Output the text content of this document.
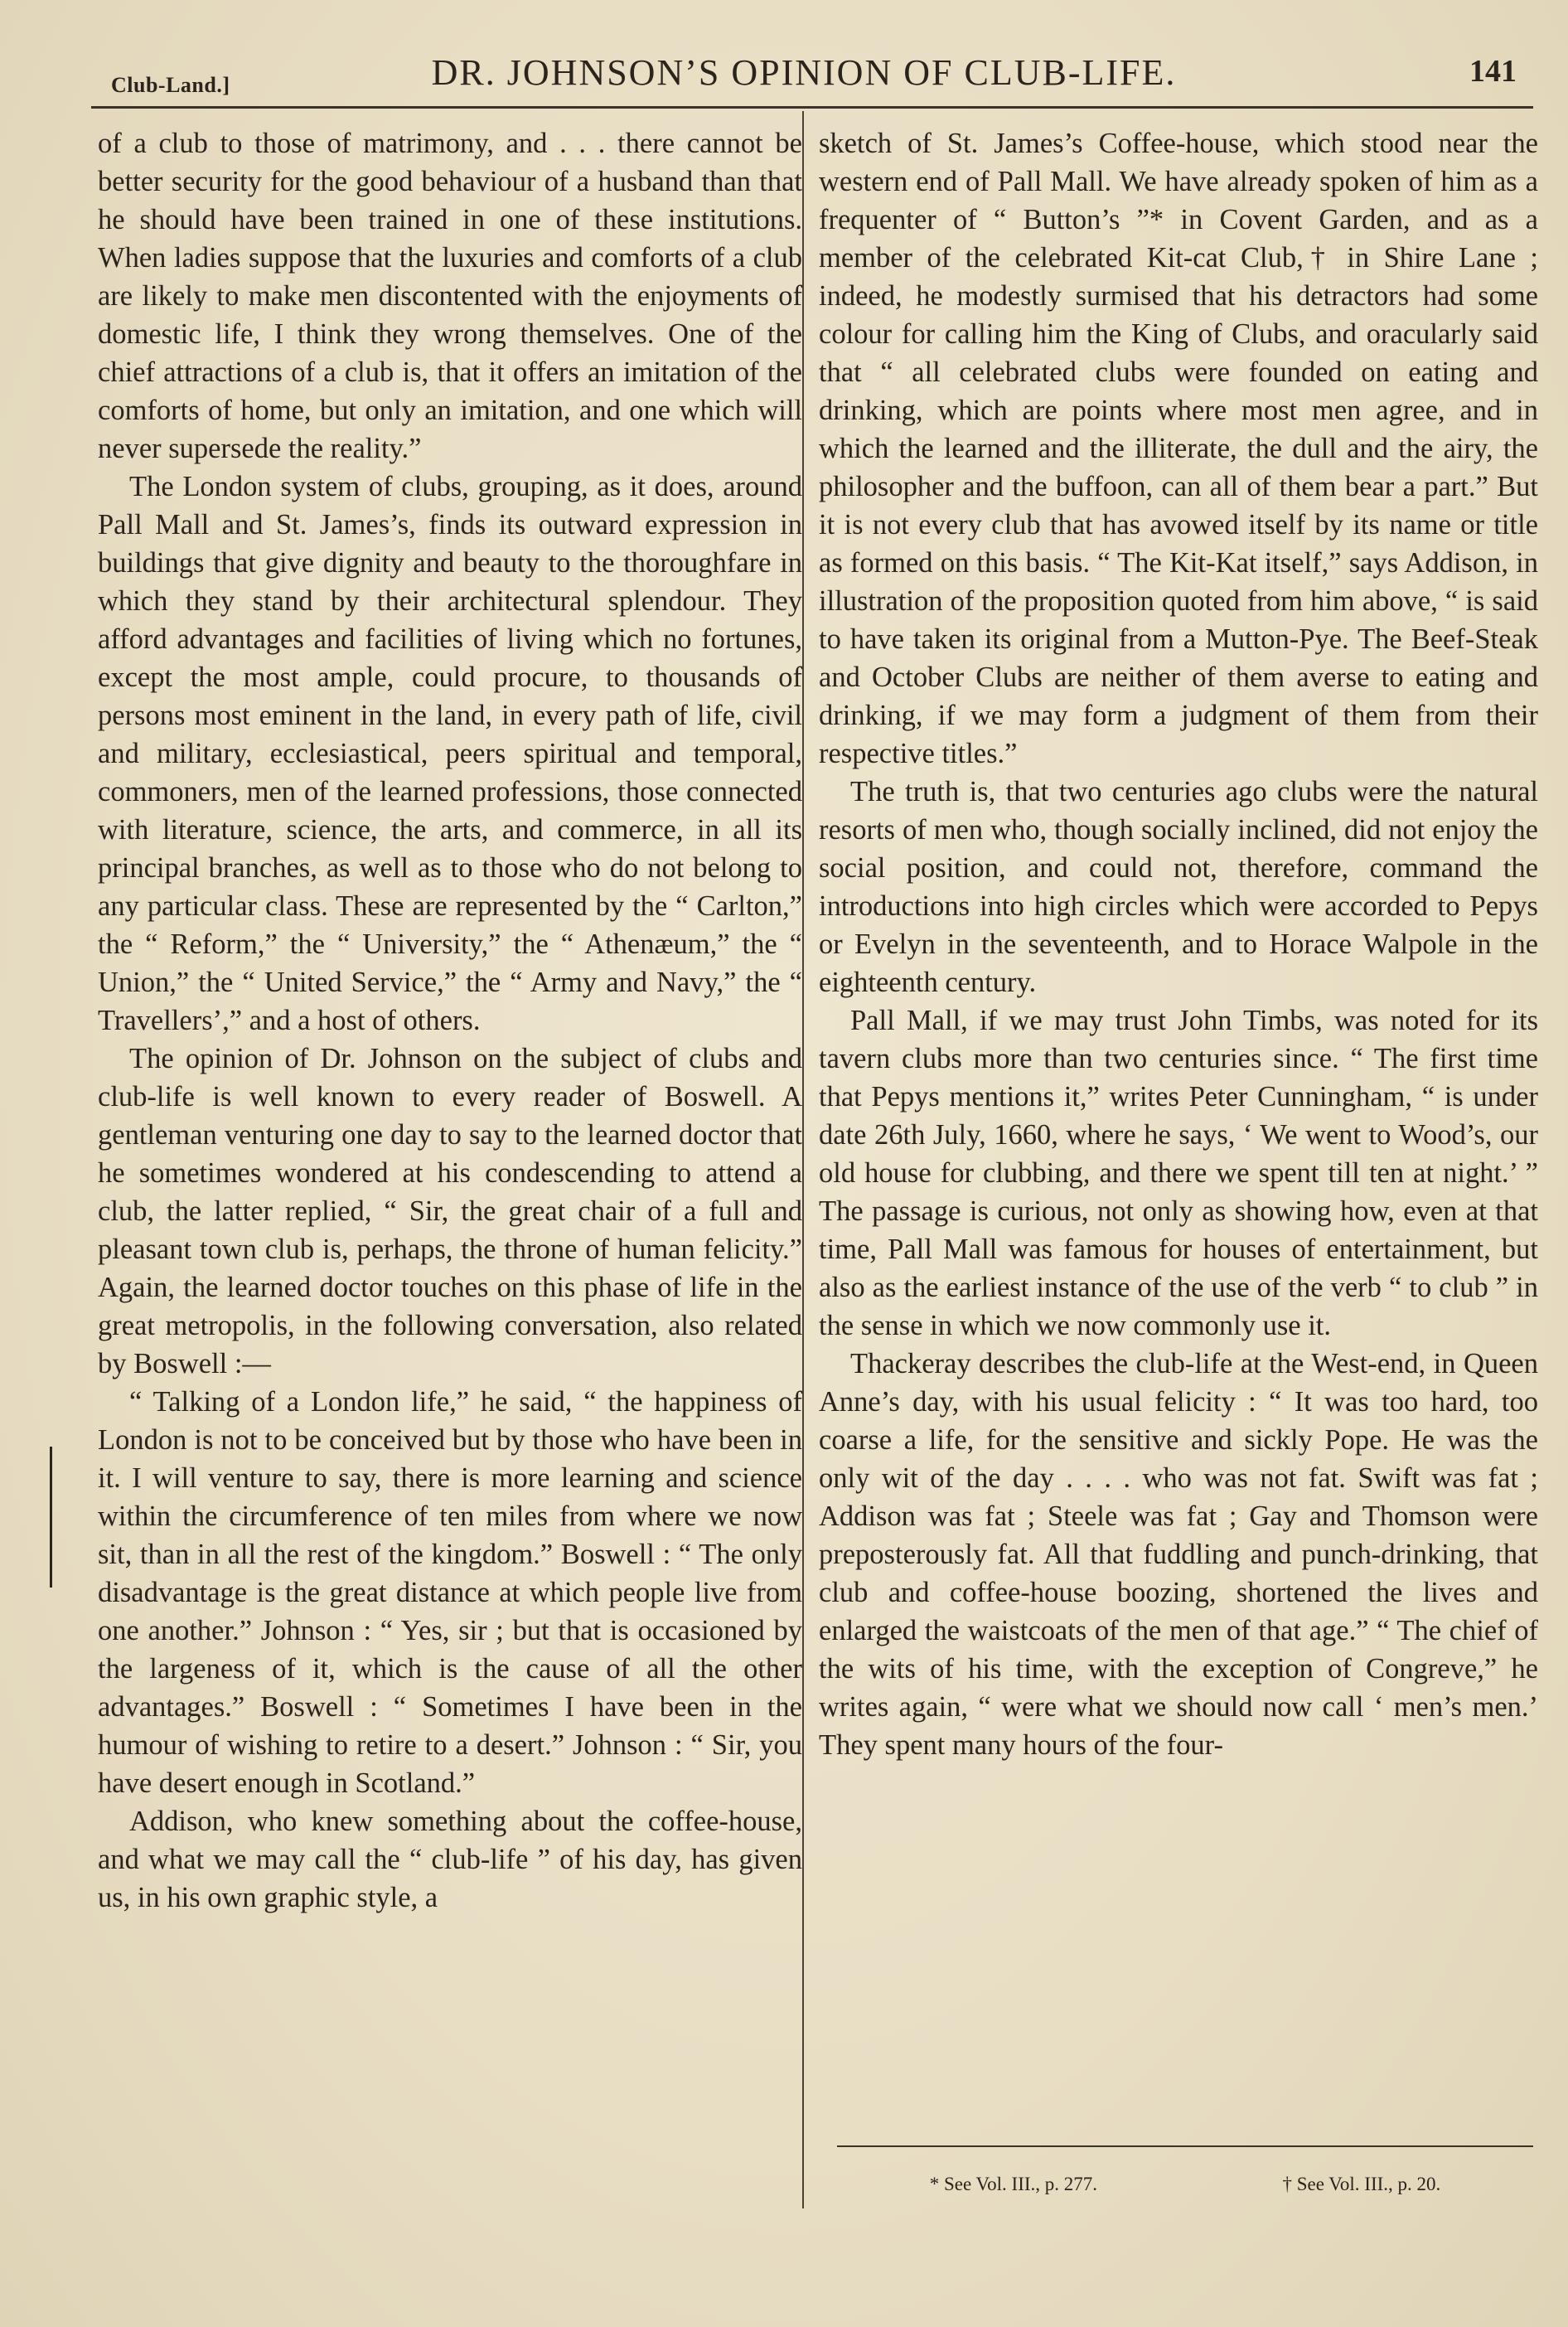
Club-Land.]	DR. JOHNSON’S OPINION OF CLUB-LIFE.	141

of a club to those of matrimony, and . . . there cannot be better security for the good behaviour of a husband than that he should have been trained in one of these institutions. When ladies suppose that the luxuries and comforts of a club are likely to make men discontented with the enjoyments of domestic life, I think they wrong themselves. One of the chief attractions of a club is, that it offers an imitation of the comforts of home, but only an imitation, and one which will never supersede the reality.”

The London system of clubs, grouping, as it does, around Pall Mall and St. James’s, finds its outward expression in buildings that give dignity and beauty to the thoroughfare in which they stand by their architectural splendour. They afford advantages and facilities of living which no fortunes, except the most ample, could procure, to thousands of persons most eminent in the land, in every path of life, civil and military, ecclesiastical, peers spiritual and temporal, commoners, men of the learned professions, those connected with literature, science, the arts, and commerce, in all its principal branches, as well as to those who do not belong to any particular class. These are represented by the “ Carlton,” the “ Reform,” the “ University,” the “ Athenæum,” the “ Union,” the “ United Service,” the “ Army and Navy,” the “ Travellers’,” and a host of others.

The opinion of Dr. Johnson on the subject of clubs and club-life is well known to every reader of Boswell. A gentleman venturing one day to say to the learned doctor that he sometimes wondered at his condescending to attend a club, the latter replied, “ Sir, the great chair of a full and pleasant town club is, perhaps, the throne of human felicity.” Again, the learned doctor touches on this phase of life in the great metropolis, in the following conversation, also related by Boswell :—

“ Talking of a London life,” he said, “ the happiness of London is not to be conceived but by those who have been in it. I will venture to say, there is more learning and science within the circumference of ten miles from where we now sit, than in all the rest of the kingdom.” Boswell : “ The only disadvantage is the great distance at which people live from one another.” Johnson : “ Yes, sir ; but that is occasioned by the largeness of it, which is the cause of all the other advantages.” Boswell : “ Sometimes I have been in the humour of wishing to retire to a desert.” Johnson : “ Sir, you have desert enough in Scotland.”

Addison, who knew something about the coffee-house, and what we may call the “ club-life ” of his day, has given us, in his own graphic style, a

sketch of St. James’s Coffee-house, which stood near the western end of Pall Mall. We have already spoken of him as a frequenter of “ Button’s ”* in Covent Garden, and as a member of the celebrated Kit-cat Club,† in Shire Lane ; indeed, he modestly surmised that his detractors had some colour for calling him the King of Clubs, and oracularly said that “ all celebrated clubs were founded on eating and drinking, which are points where most men agree, and in which the learned and the illiterate, the dull and the airy, the philosopher and the buffoon, can all of them bear a part.” But it is not every club that has avowed itself by its name or title as formed on this basis. “ The Kit-Kat itself,” says Addison, in illustration of the proposition quoted from him above, “ is said to have taken its original from a Mutton-Pye. The Beef-Steak and October Clubs are neither of them averse to eating and drinking, if we may form a judgment of them from their respective titles.”

The truth is, that two centuries ago clubs were the natural resorts of men who, though socially inclined, did not enjoy the social position, and could not, therefore, command the introductions into high circles which were accorded to Pepys or Evelyn in the seventeenth, and to Horace Walpole in the eighteenth century.

Pall Mall, if we may trust John Timbs, was noted for its tavern clubs more than two centuries since. “ The first time that Pepys mentions it,” writes Peter Cunningham, “ is under date 26th July, 1660, where he says, ‘ We went to Wood’s, our old house for clubbing, and there we spent till ten at night.’ ” The passage is curious, not only as showing how, even at that time, Pall Mall was famous for houses of entertainment, but also as the earliest instance of the use of the verb “ to club ” in the sense in which we now commonly use it.

Thackeray describes the club-life at the West-end, in Queen Anne’s day, with his usual felicity : “ It was too hard, too coarse a life, for the sensitive and sickly Pope. He was the only wit of the day . . . . who was not fat. Swift was fat ; Addison was fat ; Steele was fat ; Gay and Thomson were preposterously fat. All that fuddling and punch-drinking, that club and coffee-house boozing, shortened the lives and enlarged the waistcoats of the men of that age.” “ The chief of the wits of his time, with the exception of Congreve,” he writes again, “ were what we should now call ‘ men’s men.’ They spent many hours of the four-

* See Vol. III., p. 277.	† See Vol. III., p. 20.
